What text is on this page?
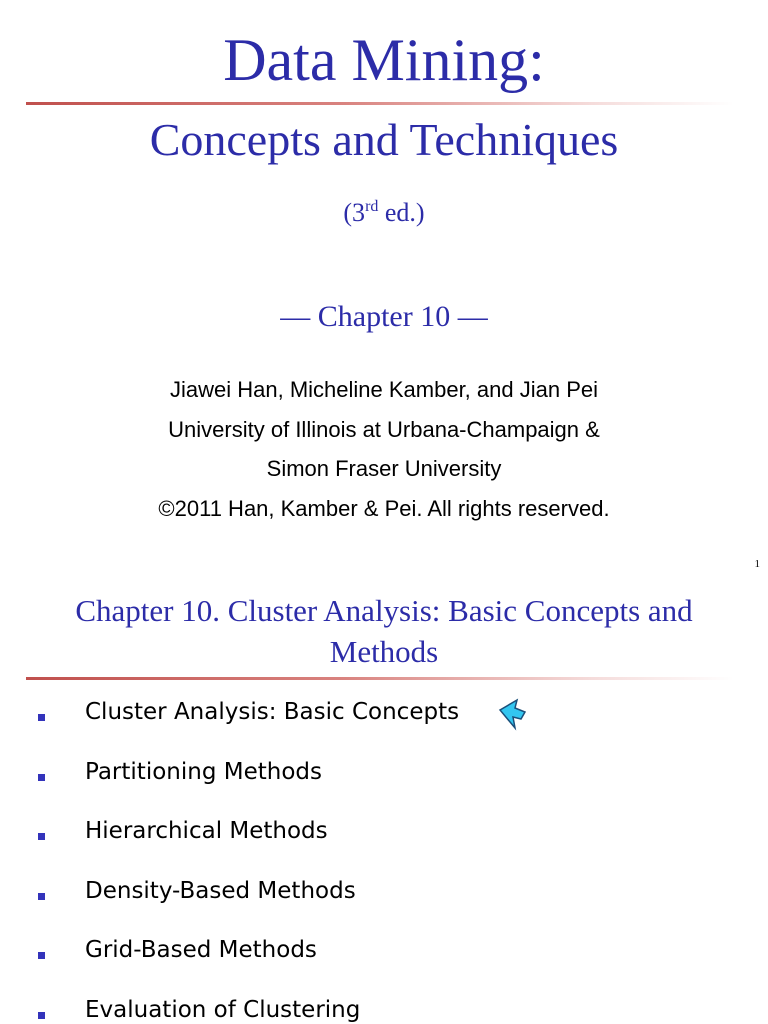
Data Mining:
Concepts and Techniques
(3rd ed.)
— Chapter 10 —
Jiawei Han, Micheline Kamber, and Jian Pei
University of Illinois at Urbana-Champaign &
Simon Fraser University
©2011 Han, Kamber & Pei. All rights reserved.
1
Chapter 10. Cluster Analysis: Basic Concepts and
Methods
Cluster Analysis: Basic Concepts
Partitioning Methods
Hierarchical Methods
Density-Based Methods
Grid-Based Methods
Evaluation of Clustering
